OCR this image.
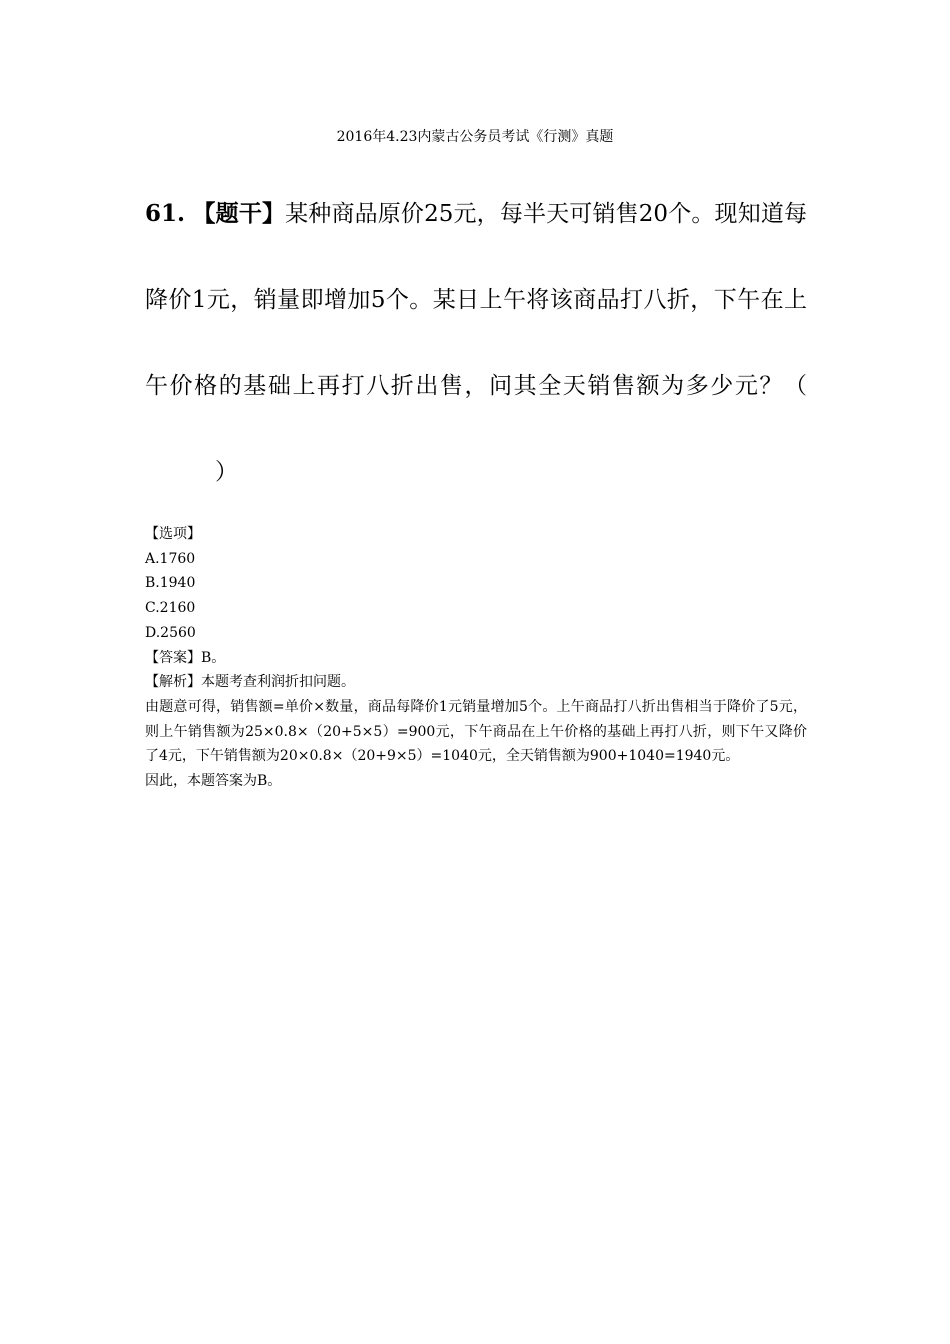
2016年4.23内蒙古公务员考试《行测》真题
61. 【题干】某种商品原价25元，每半天可销售20个。现知道每降价1元，销量即增加5个。某日上午将该商品打八折，下午在上午价格的基础上再打八折出售，问其全天销售额为多少元？（）
【选项】
A.1760
B.1940
C.2160
D.2560
【答案】B。
【解析】本题考查利润折扣问题。
由题意可得，销售额=单价×数量，商品每降价1元销量增加5个。上午商品打八折出售相当于降价了5元，则上午销售额为25×0.8×（20+5×5）=900元，下午商品在上午价格的基础上再打八折，则下午又降价了4元，下午销售额为20×0.8×（20+9×5）=1040元，全天销售额为900+1040=1940元。
因此，本题答案为B。
